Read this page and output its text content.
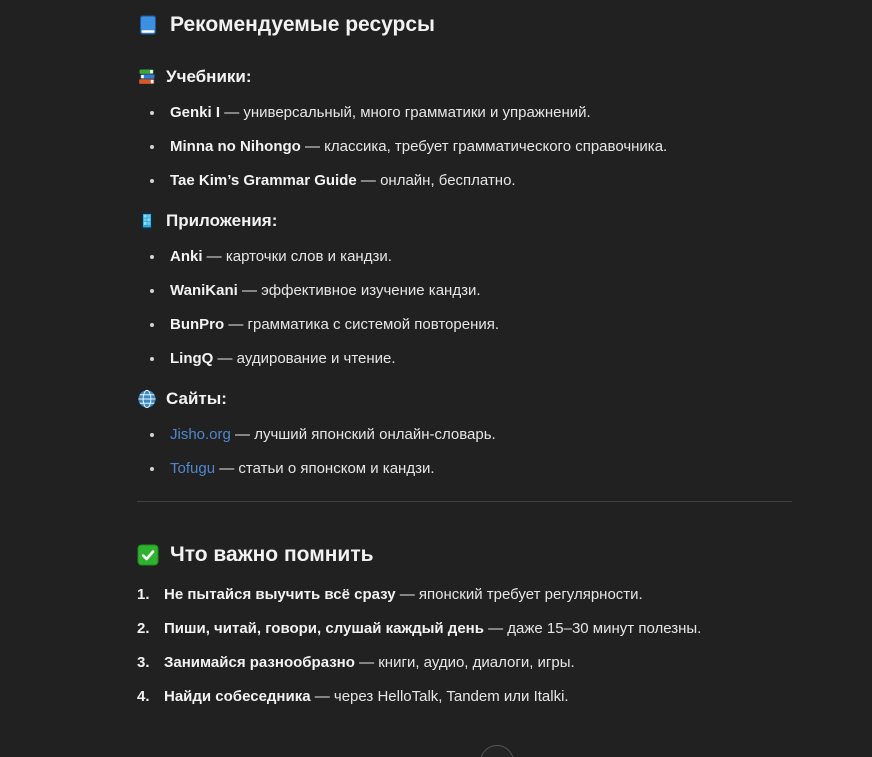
Рекомендуемые ресурсы
Учебники:
Genki I — универсальный, много грамматики и упражнений.
Minna no Nihongo — классика, требует грамматического справочника.
Tae Kim’s Grammar Guide — онлайн, бесплатно.
Приложения:
Anki — карточки слов и кандзи.
WaniKani — эффективное изучение кандзи.
BunPro — грамматика с системой повторения.
LingQ — аудирование и чтение.
Сайты:
Jisho.org — лучший японский онлайн-словарь.
Tofugu — статьи о японском и кандзи.
Что важно помнить
1. Не пытайся выучить всё сразу — японский требует регулярности.
2. Пиши, читай, говори, слушай каждый день — даже 15–30 минут полезны.
3. Занимайся разнообразно — книги, аудио, диалоги, игры.
4. Найди собеседника — через HelloTalk, Tandem или Italki.
